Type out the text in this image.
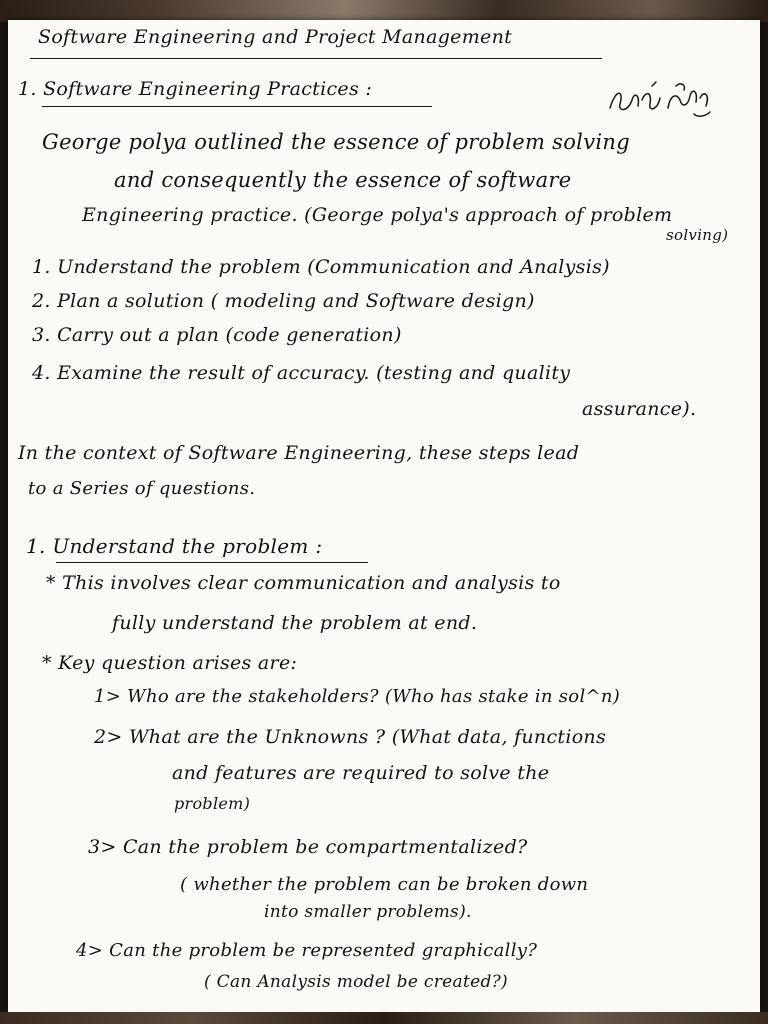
Software Engineering and Project Management
1. Software Engineering Practices :
George polya outlined the essence of problem solving
and consequently the essence of software
Engineering practice. (George polya's approach of problem
solving)
1. Understand the problem (Communication and Analysis)
2. Plan a solution ( modeling and Software design)
3. Carry out a plan (code generation)
4. Examine the result of accuracy. (testing and quality
assurance).
In the context of Software Engineering, these steps lead
to a Series of questions.
1. Understand the problem :
* This involves clear communication and analysis to
fully understand the problem at end.
* Key question arises are:
1> Who are the stakeholders? (Who has stake in sol^n)
2> What are the Unknowns ? (What data, functions
and features are required to solve the
problem)
3> Can the problem be compartmentalized?
( whether the problem can be broken down
into smaller problems).
4> Can the problem be represented graphically?
( Can Analysis model be created?)
